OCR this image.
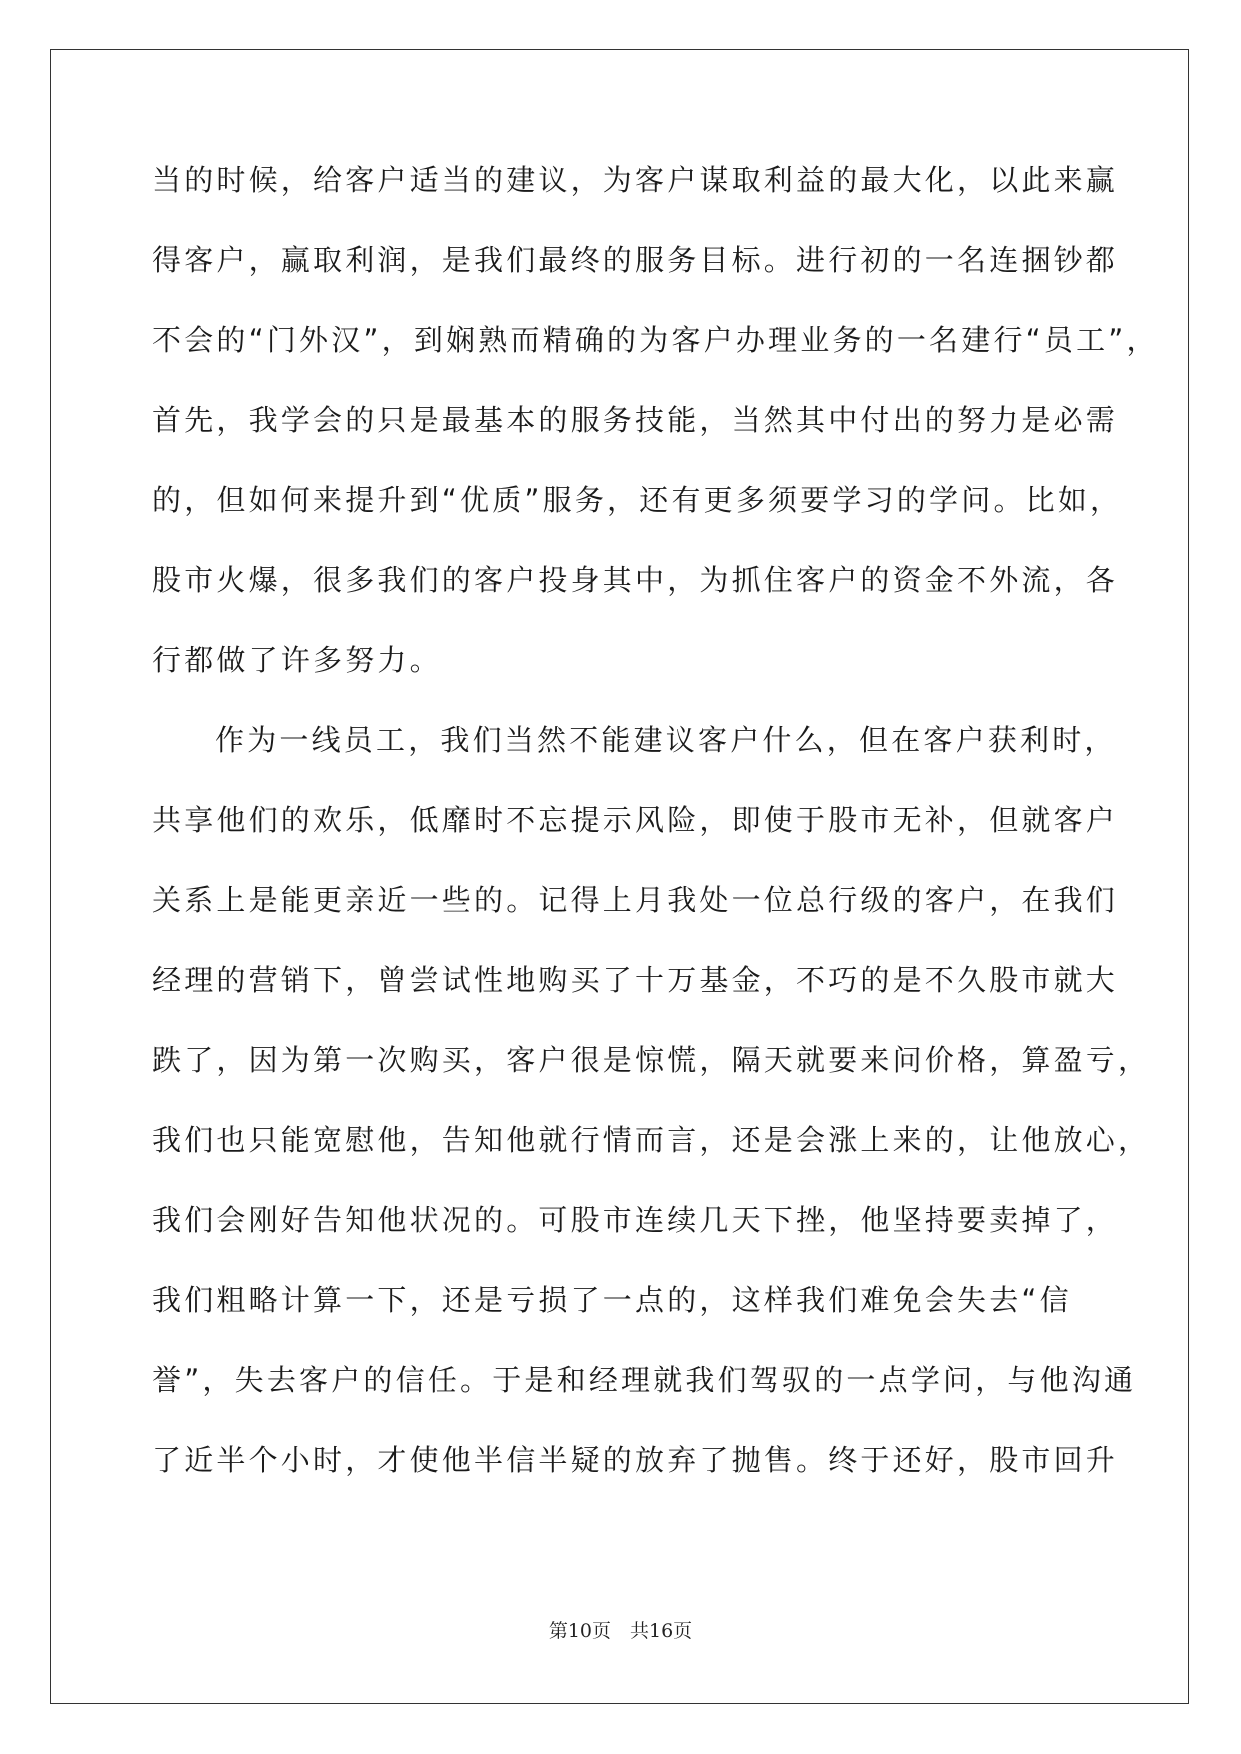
当的时候，给客户适当的建议，为客户谋取利益的最大化，以此来赢
得客户，赢取利润，是我们最终的服务目标。进行初的一名连捆钞都
不会的“门外汉”，到娴熟而精确的为客户办理业务的一名建行“员工”，
首先，我学会的只是最基本的服务技能，当然其中付出的努力是必需
的，但如何来提升到“优质”服务，还有更多须要学习的学问。比如，
股市火爆，很多我们的客户投身其中，为抓住客户的资金不外流，各
行都做了许多努力。
作为一线员工，我们当然不能建议客户什么，但在客户获利时，
共享他们的欢乐，低靡时不忘提示风险，即使于股市无补，但就客户
关系上是能更亲近一些的。记得上月我处一位总行级的客户，在我们
经理的营销下，曾尝试性地购买了十万基金，不巧的是不久股市就大
跌了，因为第一次购买，客户很是惊慌，隔天就要来问价格，算盈亏，
我们也只能宽慰他，告知他就行情而言，还是会涨上来的，让他放心，
我们会刚好告知他状况的。可股市连续几天下挫，他坚持要卖掉了，
我们粗略计算一下，还是亏损了一点的，这样我们难免会失去“信
誉”，失去客户的信任。于是和经理就我们驾驭的一点学问，与他沟通
了近半个小时，才使他半信半疑的放弃了抛售。终于还好，股市回升
第10页　共16页
